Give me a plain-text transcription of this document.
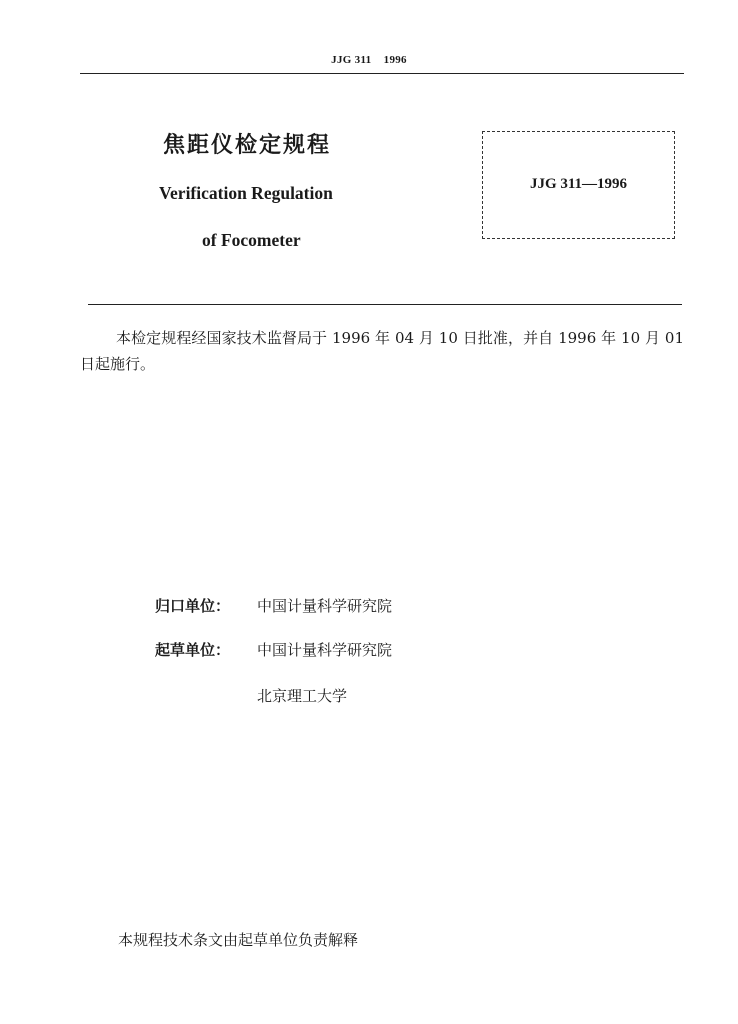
JJG 311    1996
焦距仪检定规程
Verification Regulation
of Focometer
JJG 311—1996
本检定规程经国家技术监督局于 1996 年 04 月 10 日批准，并自 1996 年 10 月 01 日起施行。
归口单位： 中国计量科学研究院
起草单位： 中国计量科学研究院
北京理工大学
本规程技术条文由起草单位负责解释
